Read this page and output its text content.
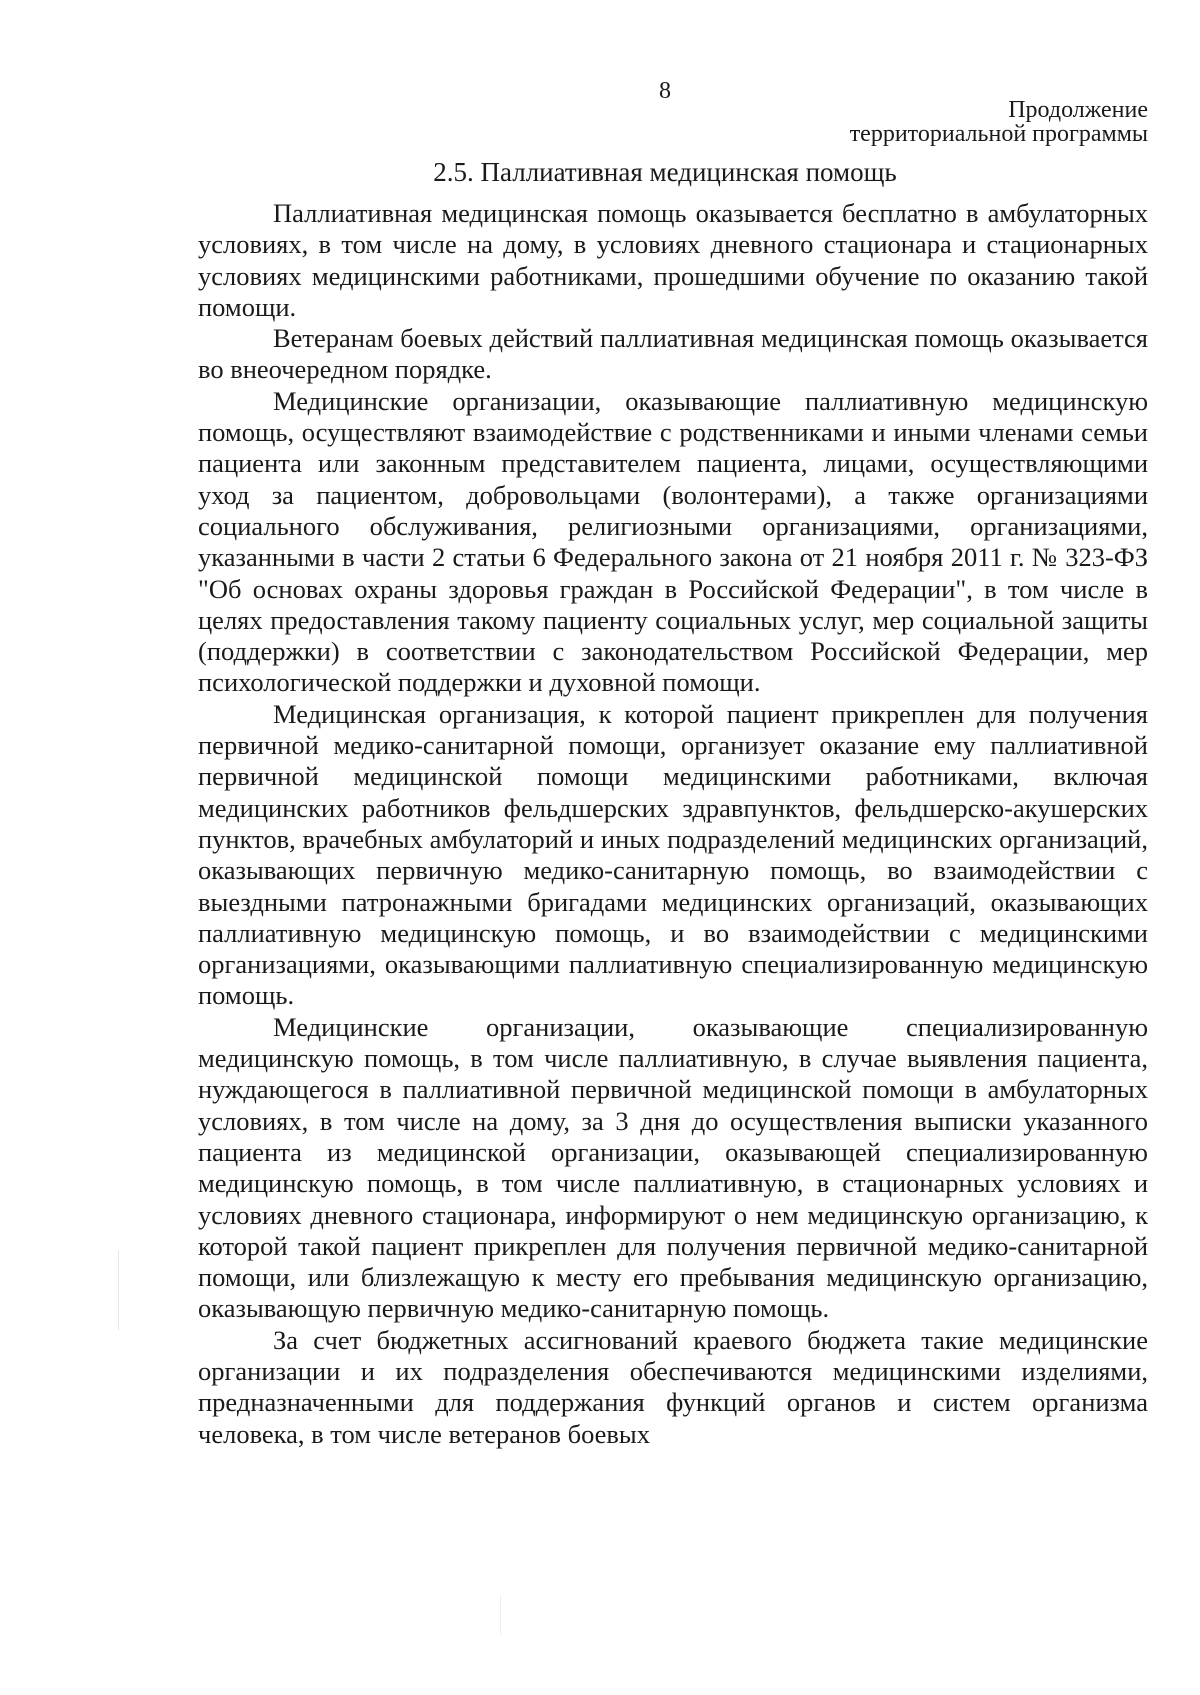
8
Продолжение
территориальной программы
2.5. Паллиативная медицинская помощь

Паллиативная медицинская помощь оказывается бесплатно в амбулаторных условиях, в том числе на дому, в условиях дневного стационара и стационарных условиях медицинскими работниками, прошедшими обучение по оказанию такой помощи.

Ветеранам боевых действий паллиативная медицинская помощь оказывается во внеочередном порядке.

Медицинские организации, оказывающие паллиативную медицинскую помощь, осуществляют взаимодействие с родственниками и иными членами семьи пациента или законным представителем пациента, лицами, осуществляющими уход за пациентом, добровольцами (волонтерами), а также организациями социального обслуживания, религиозными организациями, организациями, указанными в части 2 статьи 6 Федерального закона от 21 ноября 2011 г. № 323-ФЗ "Об основах охраны здоровья граждан в Российской Федерации", в том числе в целях предоставления такому пациенту социальных услуг, мер социальной защиты (поддержки) в соответствии с законодательством Российской Федерации, мер психологической поддержки и духовной помощи.

Медицинская организация, к которой пациент прикреплен для получения первичной медико-санитарной помощи, организует оказание ему паллиативной первичной медицинской помощи медицинскими работниками, включая медицинских работников фельдшерских здравпунктов, фельдшерско-акушерских пунктов, врачебных амбулаторий и иных подразделений медицинских организаций, оказывающих первичную медико-санитарную помощь, во взаимодействии с выездными патронажными бригадами медицинских организаций, оказывающих паллиативную медицинскую помощь, и во взаимодействии с медицинскими организациями, оказывающими паллиативную специализированную медицинскую помощь.

Медицинские организации, оказывающие специализированную медицинскую помощь, в том числе паллиативную, в случае выявления пациента, нуждающегося в паллиативной первичной медицинской помощи в амбулаторных условиях, в том числе на дому, за 3 дня до осуществления выписки указанного пациента из медицинской организации, оказывающей специализированную медицинскую помощь, в том числе паллиативную, в стационарных условиях и условиях дневного стационара, информируют о нем медицинскую организацию, к которой такой пациент прикреплен для получения первичной медико-санитарной помощи, или близлежащую к месту его пребывания медицинскую организацию, оказывающую первичную медико-санитарную помощь.

За счет бюджетных ассигнований краевого бюджета такие медицинские организации и их подразделения обеспечиваются медицинскими изделиями, предназначенными для поддержания функций органов и систем организма человека, в том числе ветеранов боевых
